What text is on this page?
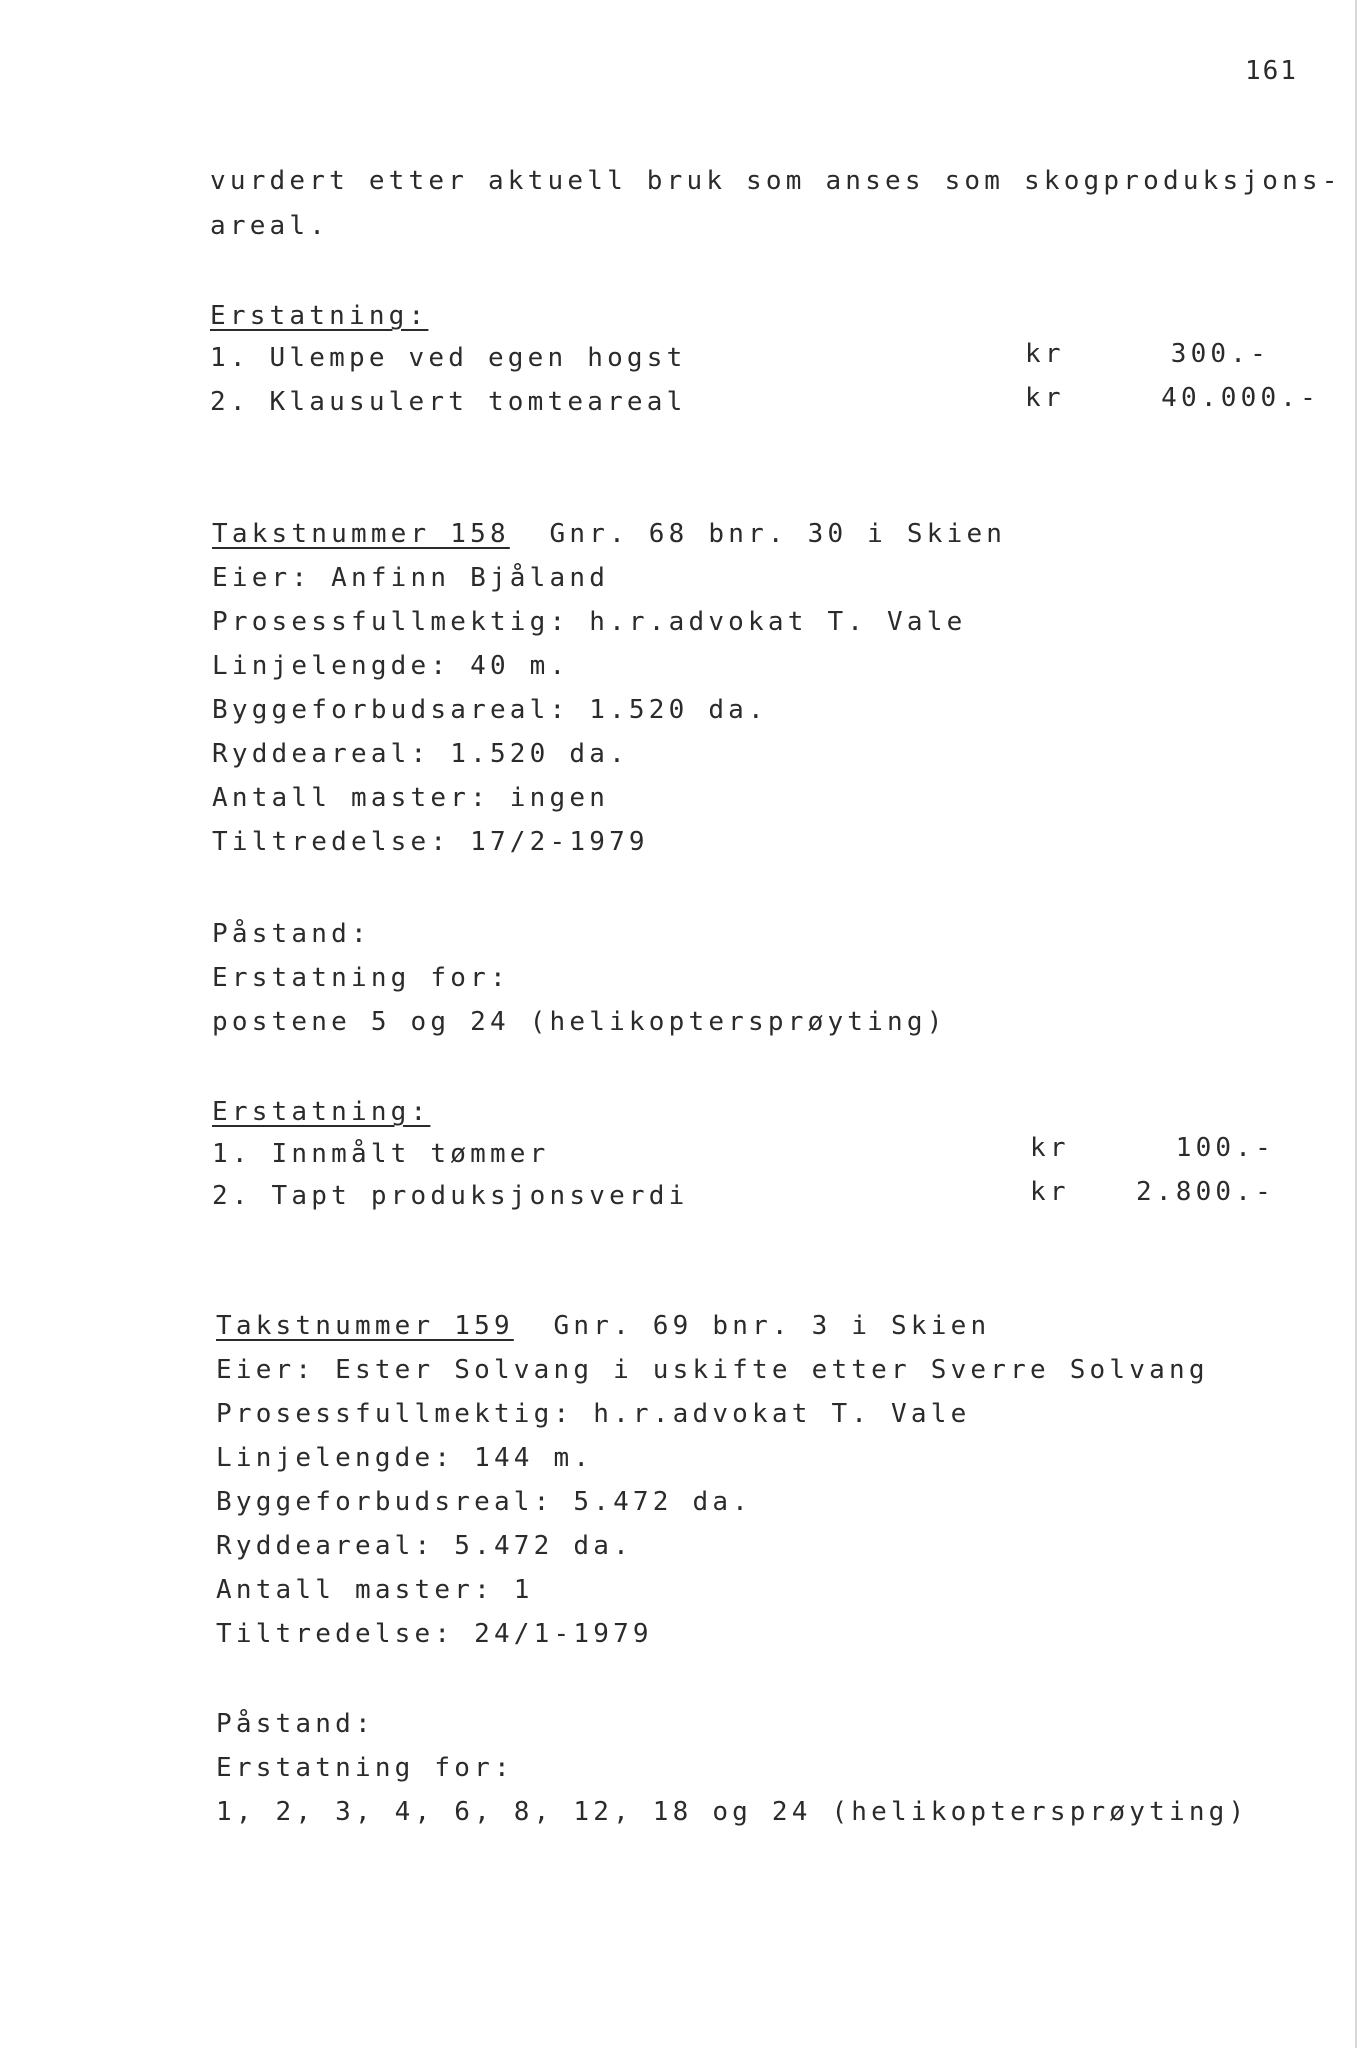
161
vurdert etter aktuell bruk som anses som skogproduksjons-
areal.
Erstatning:
1. Ulempe ved egen hogst	kr	300.-
2. Klausulert tomteareal	kr	40.000.-
Takstnummer 158 Gnr. 68 bnr. 30 i Skien
Eier: Anfinn Bjåland
Prosessfullmektig: h.r.advokat T. Vale
Linjelengde: 40 m.
Byggeforbudsareal: 1.520 da.
Ryddeareal: 1.520 da.
Antall master: ingen
Tiltredelse: 17/2-1979
Påstand:
Erstatning for:
postene 5 og 24 (helikoptersprøyting)
Erstatning:
1. Innmålt tømmer	kr	100.-
2. Tapt produksjonsverdi	kr	2.800.-
Takstnummer 159 Gnr. 69 bnr. 3 i Skien
Eier: Ester Solvang i uskifte etter Sverre Solvang
Prosessfullmektig: h.r.advokat T. Vale
Linjelengde: 144 m.
Byggeforbudsreal: 5.472 da.
Ryddeareal: 5.472 da.
Antall master: 1
Tiltredelse: 24/1-1979
Påstand:
Erstatning for:
1, 2, 3, 4, 6, 8, 12, 18 og 24 (helikoptersprøyting)
